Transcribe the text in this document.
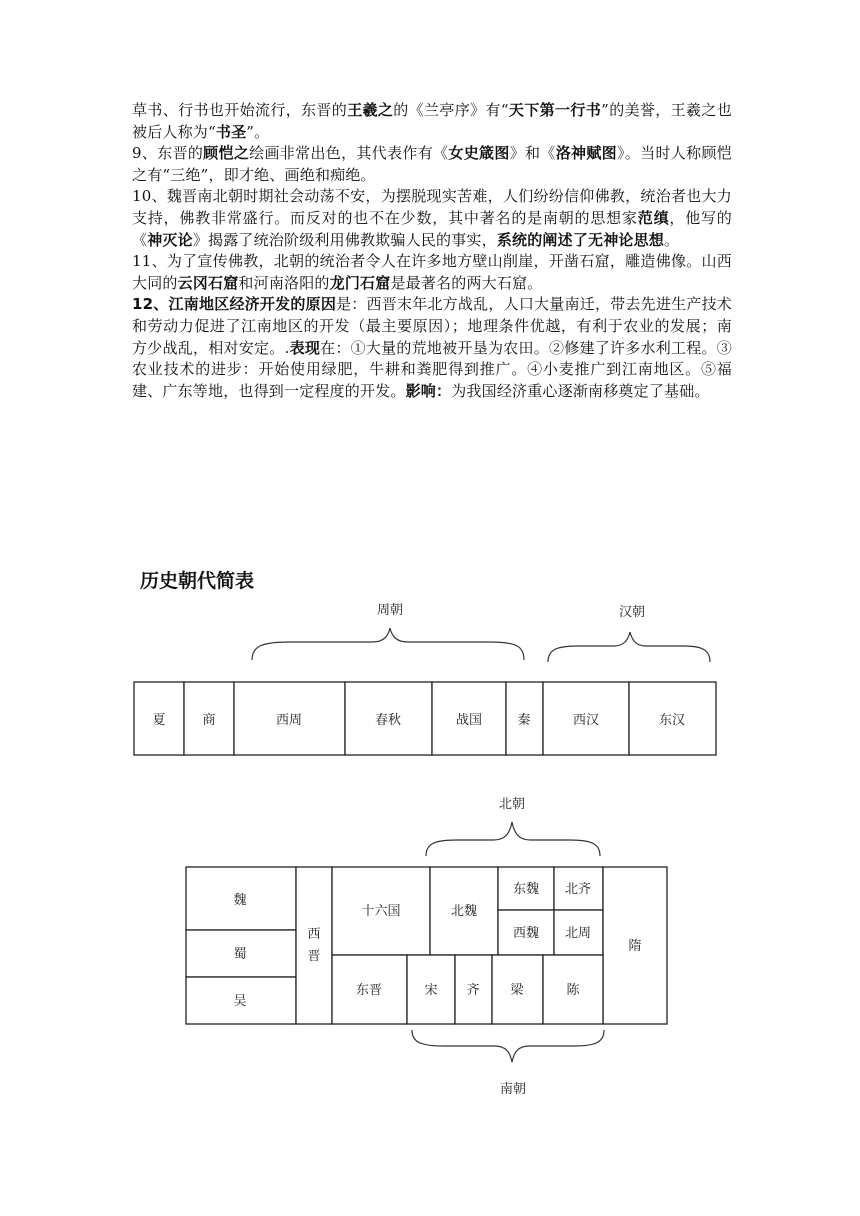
草书、行书也开始流行，东晋的王羲之的《兰亭序》有“天下第一行书”的美誉，王羲之也被后人称为“书圣”。

9、东晋的顾恺之绘画非常出色，其代表作有《女史箴图》和《洛神赋图》。当时人称顾恺之有“三绝”，即才绝、画绝和痴绝。

10、魏晋南北朝时期社会动荡不安，为摆脱现实苦难，人们纷纷信仰佛教，统治者也大力支持，佛教非常盛行。而反对的也不在少数，其中著名的是南朝的思想家范缜，他写的《神灭论》揭露了统治阶级利用佛教欺骗人民的事实，系统的阐述了无神论思想。

11、为了宣传佛教，北朝的统治者令人在许多地方壁山削崖，开凿石窟，雕造佛像。山西大同的云冈石窟和河南洛阳的龙门石窟是最著名的两大石窟。

12、江南地区经济开发的原因是：西晋末年北方战乱，人口大量南迁，带去先进生产技术和劳动力促进了江南地区的开发（最主要原因）；地理条件优越，有利于农业的发展；南方少战乱，相对安定。.表现在：①大量的荒地被开垦为农田。②修建了许多水利工程。③农业技术的进步：开始使用绿肥，牛耕和粪肥得到推广。④小麦推广到江南地区。⑤福建、广东等地，也得到一定程度的开发。影响：为我国经济重心逐渐南移奠定了基础。

历史朝代简表
周朝	汉朝
夏	商	西周	春秋	战国	秦	西汉	东汉
北朝
魏
蜀
吴
西
晋
十六国	北魏
东魏 北齐
西魏 北周
隋
东晋	宋 齐 梁	陈
南朝
